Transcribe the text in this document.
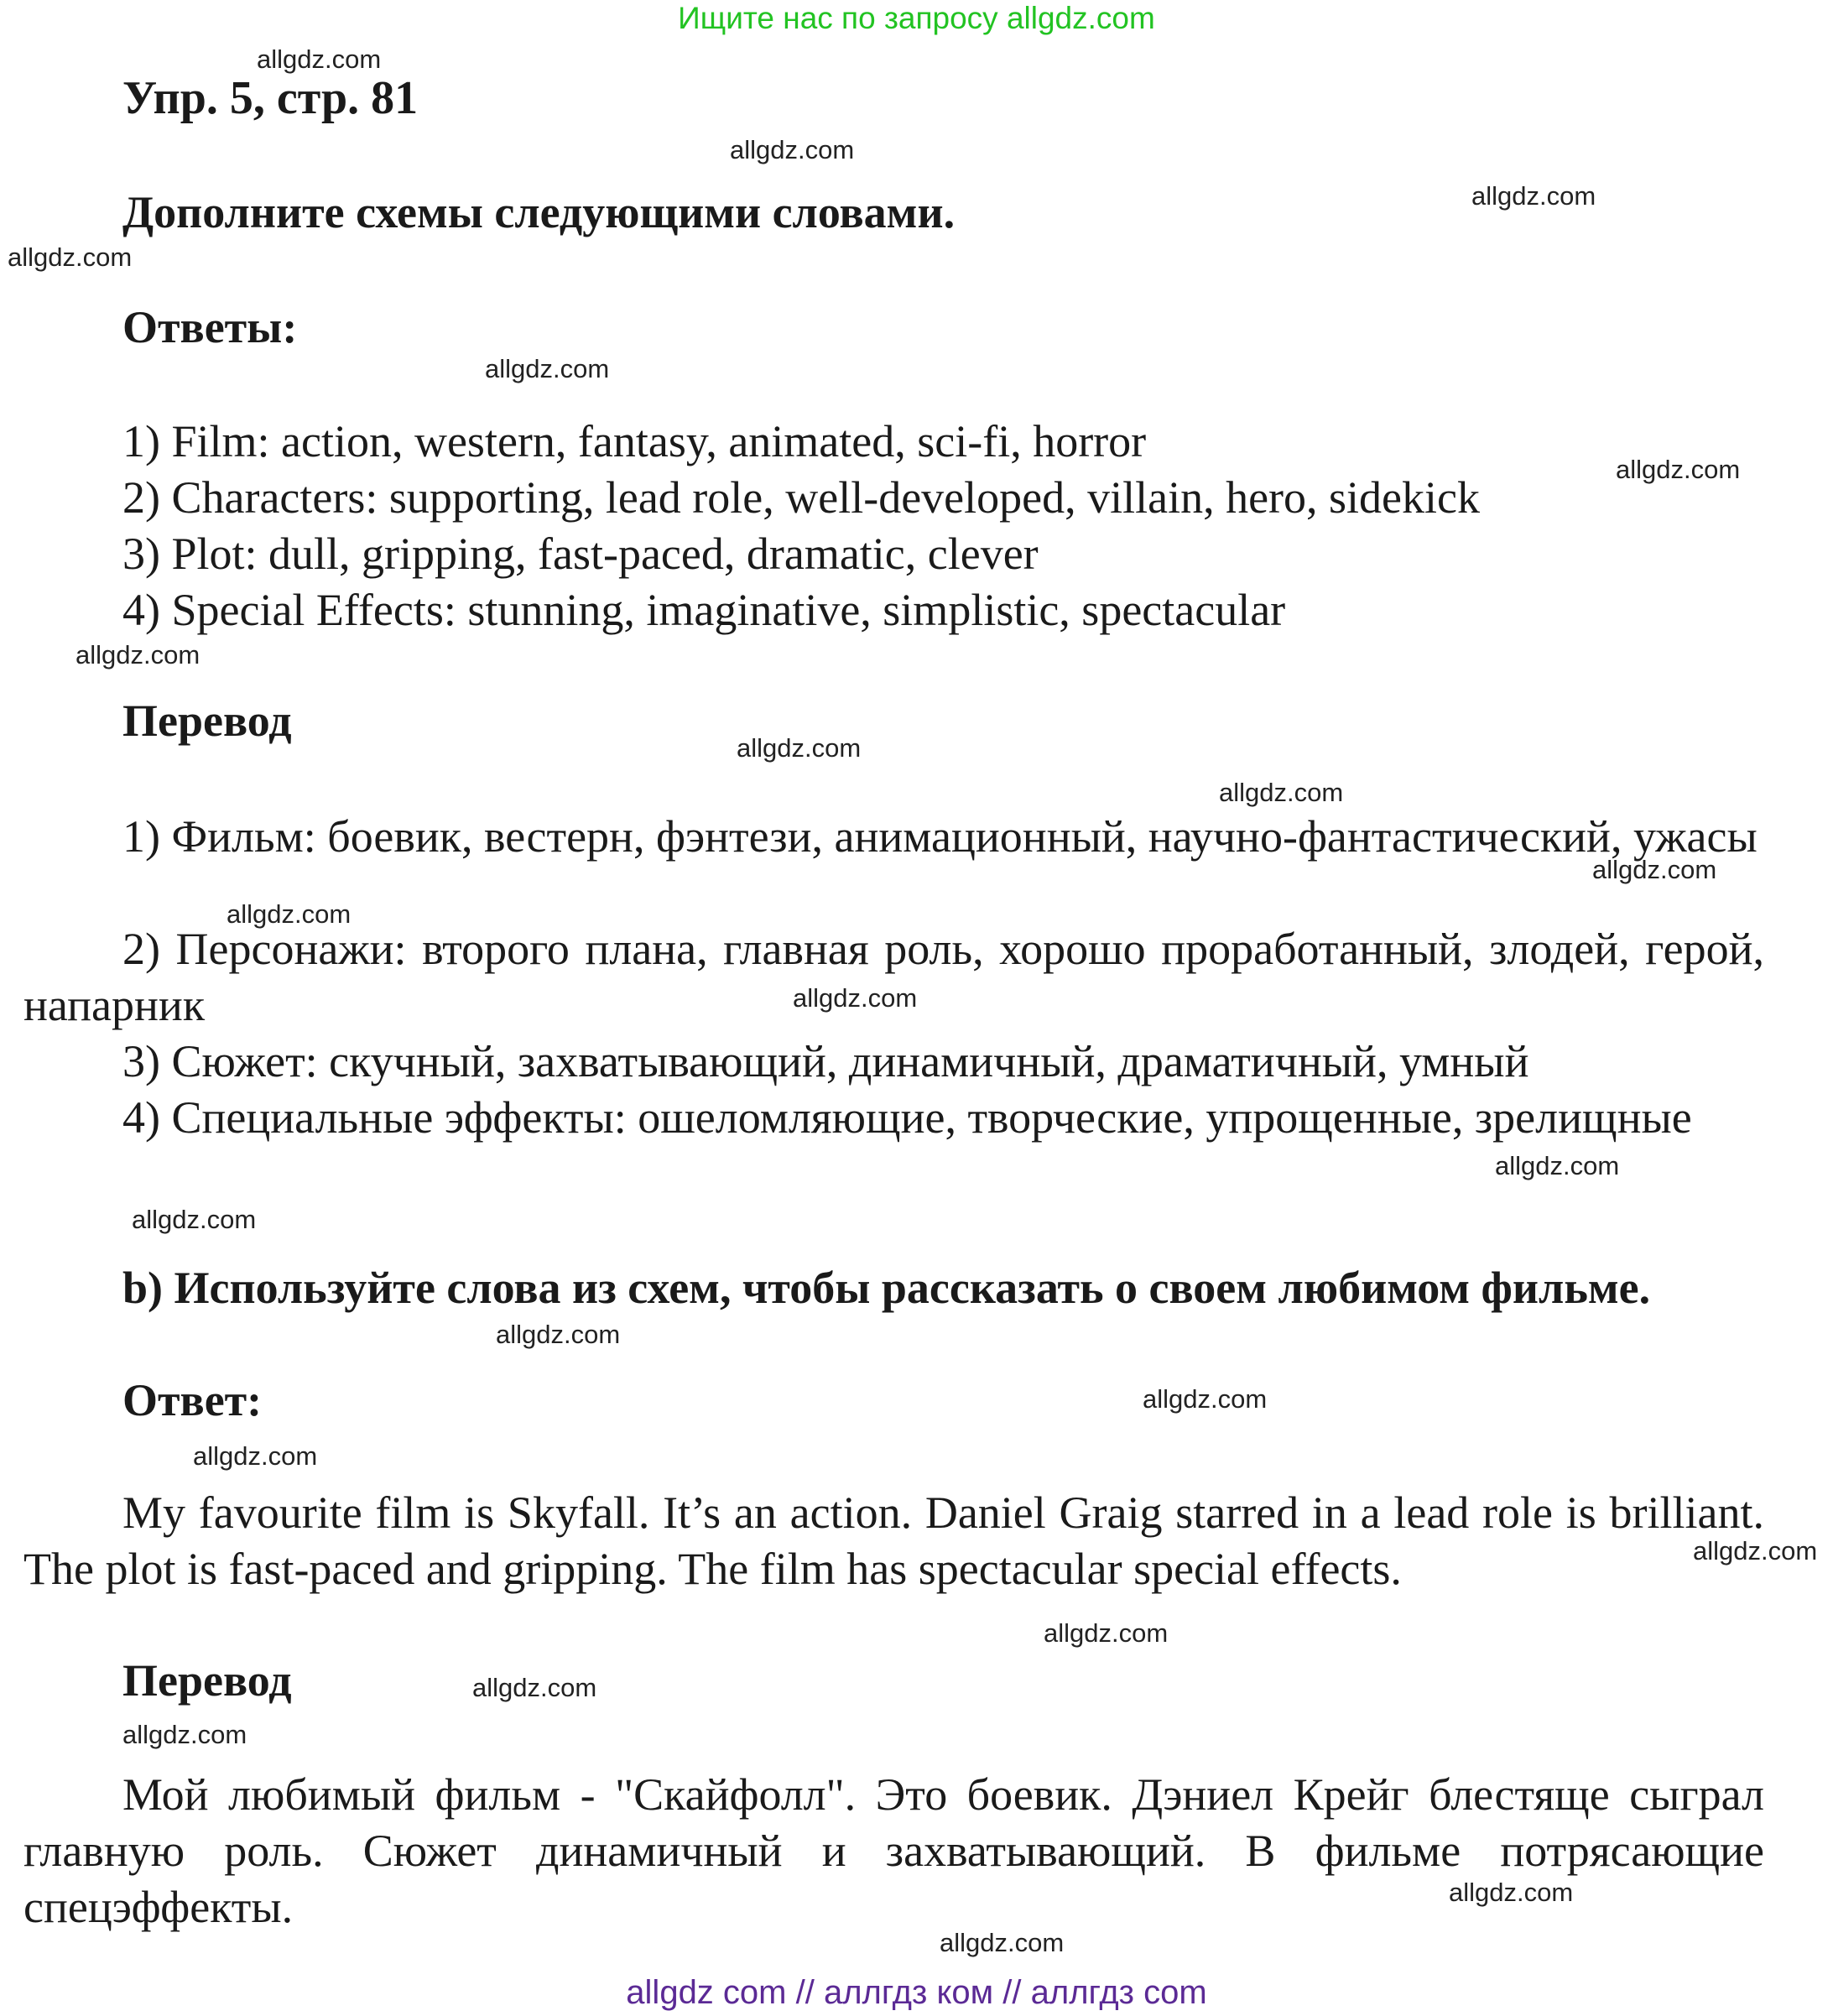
Ищите нас по запросу allgdz.com

Упр. 5, стр. 81
Дополните схемы следующими словами.
Ответы:

1) Film: action, western, fantasy, animated, sci-fi, horror

2) Characters: supporting, lead role, well-developed, villain, hero, sidekick

3) Plot: dull, gripping, fast-paced, dramatic, clever

4) Special Effects: stunning, imaginative, simplistic, spectacular

Перевод

1) Фильм: боевик, вестерн, фэнтези, анимационный, научно-фантастический, ужасы

2) Персонажи: второго плана, главная роль, хорошо проработанный, злодей, герой, напарник

3) Сюжет: скучный, захватывающий, динамичный, драматичный, умный

4) Специальные эффекты: ошеломляющие, творческие, упрощенные, зрелищные

b) Используйте слова из схем, чтобы рассказать о своем любимом фильме.
Ответ:

My favourite film is Skyfall. It’s an action. Daniel Graig starred in a lead role is brilliant. The plot is fast-paced and gripping. The film has spectacular special effects.

Перевод

Мой любимый фильм - "Скайфолл". Это боевик. Дэниел Крейг блестяще сыграл главную роль. Сюжет динамичный и захватывающий. В фильме потрясающие спецэффекты.

allgdz.com
allgdz.com
allgdz.com
allgdz.com
allgdz.com
allgdz.com
allgdz.com
allgdz.com
allgdz.com
allgdz.com
allgdz.com
allgdz.com
allgdz.com
allgdz.com
allgdz.com
allgdz.com
allgdz.com
allgdz.com
allgdz.com
allgdz.com
allgdz.com
allgdz.com
allgdz.com

allgdz com // аллгдз ком // аллгдз com
